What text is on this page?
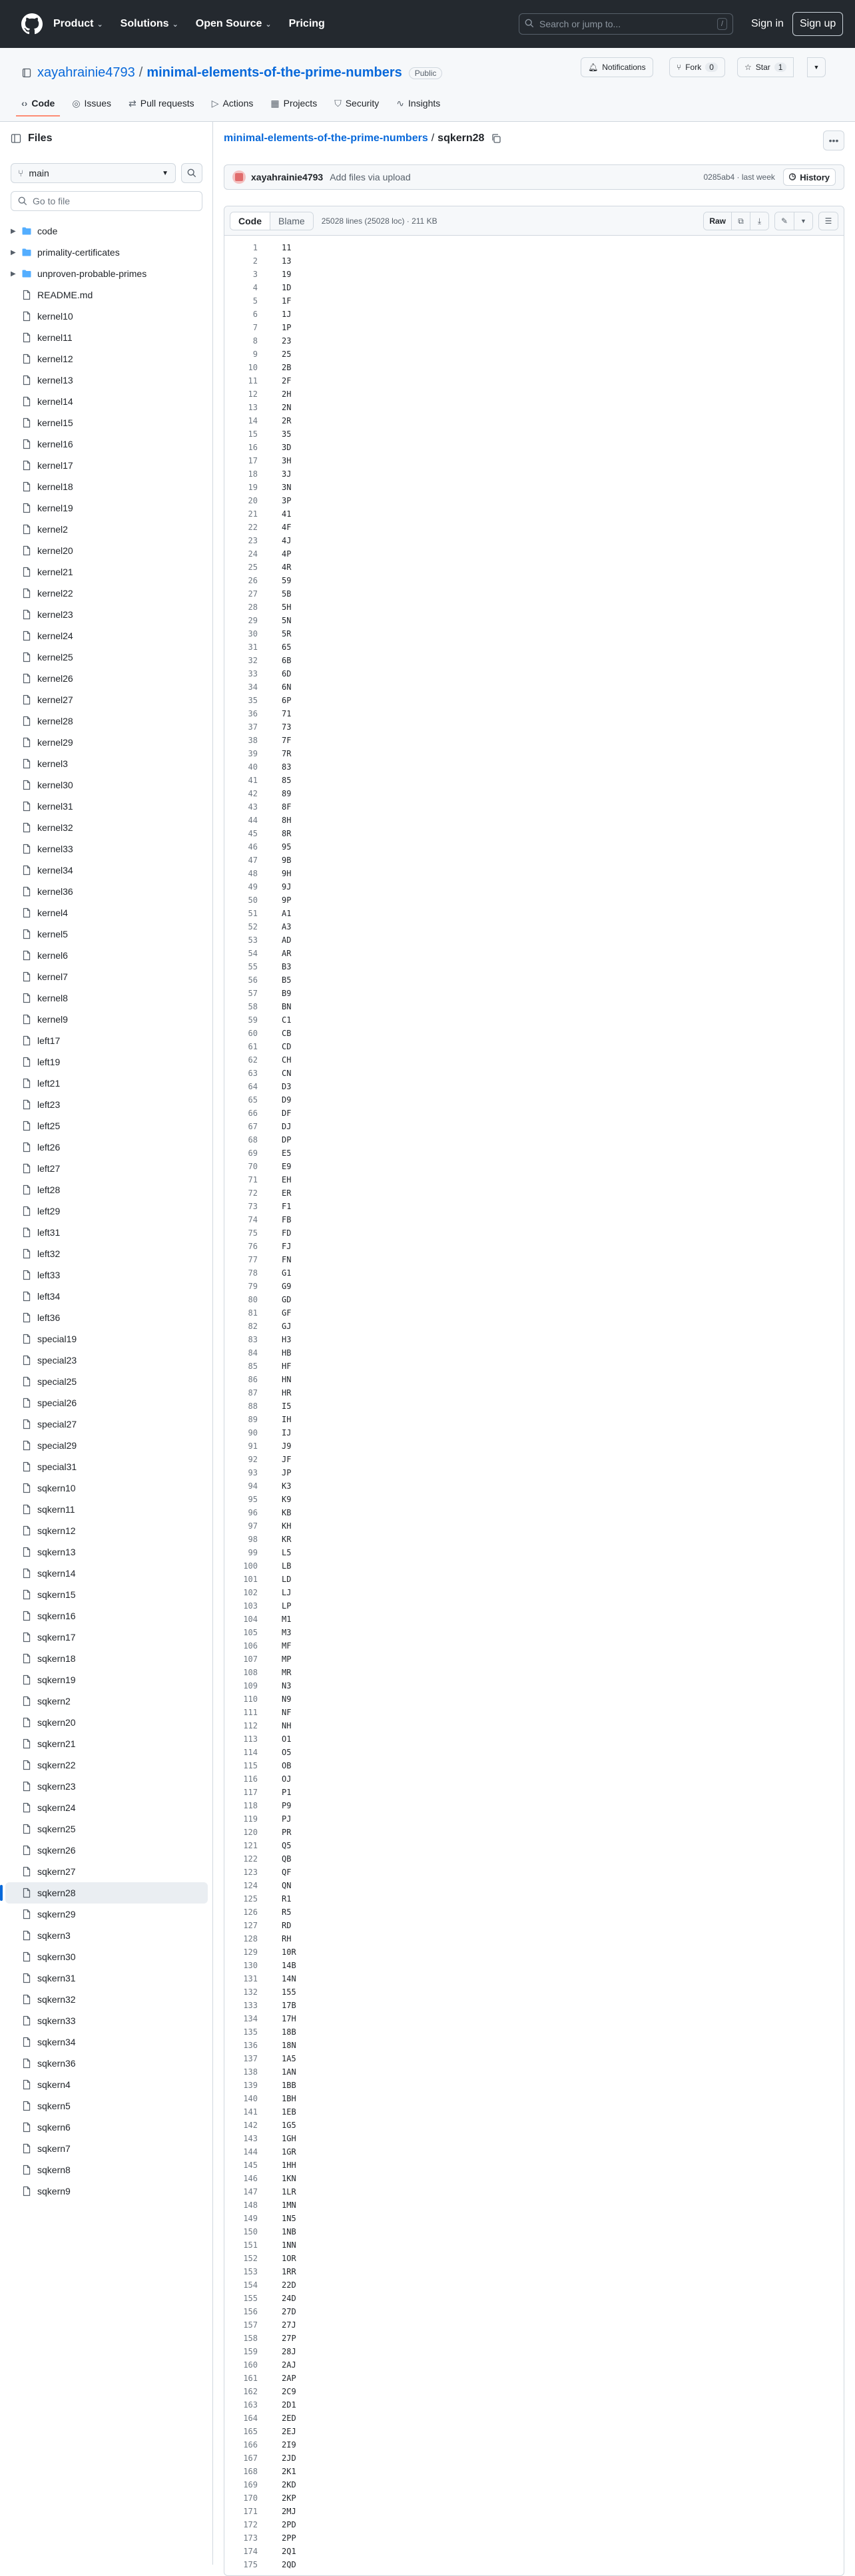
Product ⌄ Solutions ⌄ Open Source ⌄ Pricing	Search or jump to...	/	Sign in	Sign up
xayahrainie4793 / minimal-elements-of-the-prime-numbers	Public
🔔︎ Notifications	⑂ Fork	0	☆ Star	1	▼
‹› Code ◎ Issues ⇄ Pull requests ▷ Actions ▦ Projects ⛉ Security ∿ Insights
Files
⑂ main	▼
Go to file
▶	code
▶	primality-certificates
▶	unproven-probable-primes
README.md
kernel10
kernel11
kernel12
kernel13
kernel14
kernel15
kernel16
kernel17
kernel18
kernel19
kernel2
kernel20
kernel21
kernel22
kernel23
kernel24
kernel25
kernel26
kernel27
kernel28
kernel29
kernel3
kernel30
kernel31
kernel32
kernel33
kernel34
kernel36
kernel4
kernel5
kernel6
kernel7
kernel8
kernel9
left17
left19
left21
left23
left25
left26
left27
left28
left29
left31
left32
left33
left34
left36
special19
special23
special25
special26
special27
special29
special31
sqkern10
sqkern11
sqkern12
sqkern13
sqkern14
sqkern15
sqkern16
sqkern17
sqkern18
sqkern19
sqkern2
sqkern20
sqkern21
sqkern22
sqkern23
sqkern24
sqkern25
sqkern26
sqkern27
sqkern28
sqkern29
sqkern3
sqkern30
sqkern31
sqkern32
sqkern33
sqkern34
sqkern36
sqkern4
sqkern5
sqkern6
sqkern7
sqkern8
sqkern9
minimal-elements-of-the-prime-numbers / sqkern28	•••
xayahrainie4793 Add files via upload	0285ab4 · last week 🕒︎ History
Code	Blame	25028 lines (25028 loc) · 211 KB	Raw	⧉	⤓	✎	▼	☰
1	11
2	13
3	19
4	1D
5	1F
6	1J
7	1P
8	23
9	25
10	2B
11	2F
12	2H
13	2N
14	2R
15	35
16	3D
17	3H
18	3J
19	3N
20	3P
21	41
22	4F
23	4J
24	4P
25	4R
26	59
27	5B
28	5H
29	5N
30	5R
31	65
32	6B
33	6D
34	6N
35	6P
36	71
37	73
38	7F
39	7R
40	83
41	85
42	89
43	8F
44	8H
45	8R
46	95
47	9B
48	9H
49	9J
50	9P
51	A1
52	A3
53	AD
54	AR
55	B3
56	B5
57	B9
58	BN
59	C1
60	CB
61	CD
62	CH
63	CN
64	D3
65	D9
66	DF
67	DJ
68	DP
69	E5
70	E9
71	EH
72	ER
73	F1
74	FB
75	FD
76	FJ
77	FN
78	G1
79	G9
80	GD
81	GF
82	GJ
83	H3
84	HB
85	HF
86	HN
87	HR
88	I5
89	IH
90	IJ
91	J9
92	JF
93	JP
94	K3
95	K9
96	KB
97	KH
98	KR
99	L5
100	LB
101	LD
102	LJ
103	LP
104	M1
105	M3
106	MF
107	MP
108	MR
109	N3
110	N9
111	NF
112	NH
113	O1
114	O5
115	OB
116	OJ
117	P1
118	P9
119	PJ
120	PR
121	Q5
122	QB
123	QF
124	QN
125	R1
126	R5
127	RD
128	RH
129	10R
130	14B
131	14N
132	155
133	17B
134	17H
135	18B
136	18N
137	1A5
138	1AN
139	1BB
140	1BH
141	1EB
142	1G5
143	1GH
144	1GR
145	1HH
146	1KN
147	1LR
148	1MN
149	1N5
150	1NB
151	1NN
152	1OR
153	1RR
154	22D
155	24D
156	27D
157	27J
158	27P
159	28J
160	2AJ
161	2AP
162	2C9
163	2D1
164	2ED
165	2EJ
166	2I9
167	2JD
168	2K1
169	2KD
170	2KP
171	2MJ
172	2PD
173	2PP
174	2Q1
175	2QD
